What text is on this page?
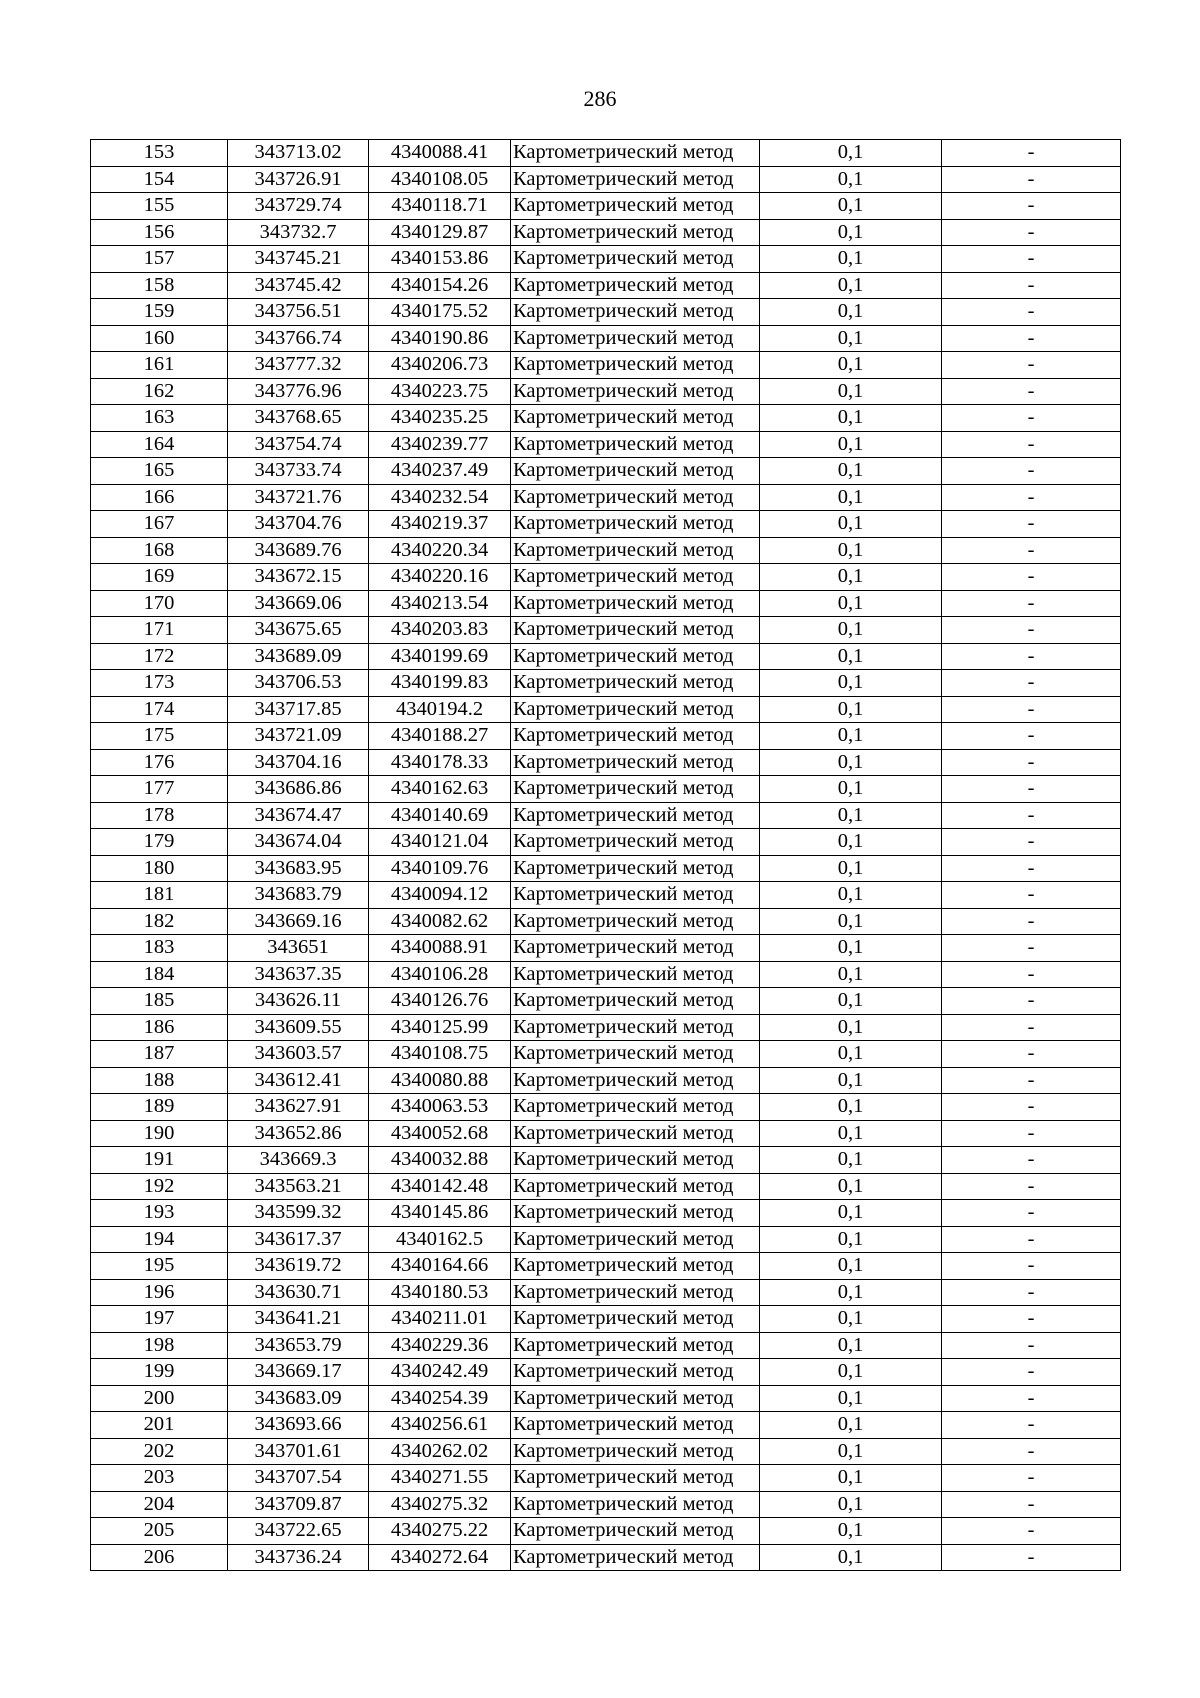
286
153	343713.02	4340088.41	Картометрический метод	0,1	-
154	343726.91	4340108.05	Картометрический метод	0,1	-
155	343729.74	4340118.71	Картометрический метод	0,1	-
156	343732.7	4340129.87	Картометрический метод	0,1	-
157	343745.21	4340153.86	Картометрический метод	0,1	-
158	343745.42	4340154.26	Картометрический метод	0,1	-
159	343756.51	4340175.52	Картометрический метод	0,1	-
160	343766.74	4340190.86	Картометрический метод	0,1	-
161	343777.32	4340206.73	Картометрический метод	0,1	-
162	343776.96	4340223.75	Картометрический метод	0,1	-
163	343768.65	4340235.25	Картометрический метод	0,1	-
164	343754.74	4340239.77	Картометрический метод	0,1	-
165	343733.74	4340237.49	Картометрический метод	0,1	-
166	343721.76	4340232.54	Картометрический метод	0,1	-
167	343704.76	4340219.37	Картометрический метод	0,1	-
168	343689.76	4340220.34	Картометрический метод	0,1	-
169	343672.15	4340220.16	Картометрический метод	0,1	-
170	343669.06	4340213.54	Картометрический метод	0,1	-
171	343675.65	4340203.83	Картометрический метод	0,1	-
172	343689.09	4340199.69	Картометрический метод	0,1	-
173	343706.53	4340199.83	Картометрический метод	0,1	-
174	343717.85	4340194.2	Картометрический метод	0,1	-
175	343721.09	4340188.27	Картометрический метод	0,1	-
176	343704.16	4340178.33	Картометрический метод	0,1	-
177	343686.86	4340162.63	Картометрический метод	0,1	-
178	343674.47	4340140.69	Картометрический метод	0,1	-
179	343674.04	4340121.04	Картометрический метод	0,1	-
180	343683.95	4340109.76	Картометрический метод	0,1	-
181	343683.79	4340094.12	Картометрический метод	0,1	-
182	343669.16	4340082.62	Картометрический метод	0,1	-
183	343651	4340088.91	Картометрический метод	0,1	-
184	343637.35	4340106.28	Картометрический метод	0,1	-
185	343626.11	4340126.76	Картометрический метод	0,1	-
186	343609.55	4340125.99	Картометрический метод	0,1	-
187	343603.57	4340108.75	Картометрический метод	0,1	-
188	343612.41	4340080.88	Картометрический метод	0,1	-
189	343627.91	4340063.53	Картометрический метод	0,1	-
190	343652.86	4340052.68	Картометрический метод	0,1	-
191	343669.3	4340032.88	Картометрический метод	0,1	-
192	343563.21	4340142.48	Картометрический метод	0,1	-
193	343599.32	4340145.86	Картометрический метод	0,1	-
194	343617.37	4340162.5	Картометрический метод	0,1	-
195	343619.72	4340164.66	Картометрический метод	0,1	-
196	343630.71	4340180.53	Картометрический метод	0,1	-
197	343641.21	4340211.01	Картометрический метод	0,1	-
198	343653.79	4340229.36	Картометрический метод	0,1	-
199	343669.17	4340242.49	Картометрический метод	0,1	-
200	343683.09	4340254.39	Картометрический метод	0,1	-
201	343693.66	4340256.61	Картометрический метод	0,1	-
202	343701.61	4340262.02	Картометрический метод	0,1	-
203	343707.54	4340271.55	Картометрический метод	0,1	-
204	343709.87	4340275.32	Картометрический метод	0,1	-
205	343722.65	4340275.22	Картометрический метод	0,1	-
206	343736.24	4340272.64	Картометрический метод	0,1	-
